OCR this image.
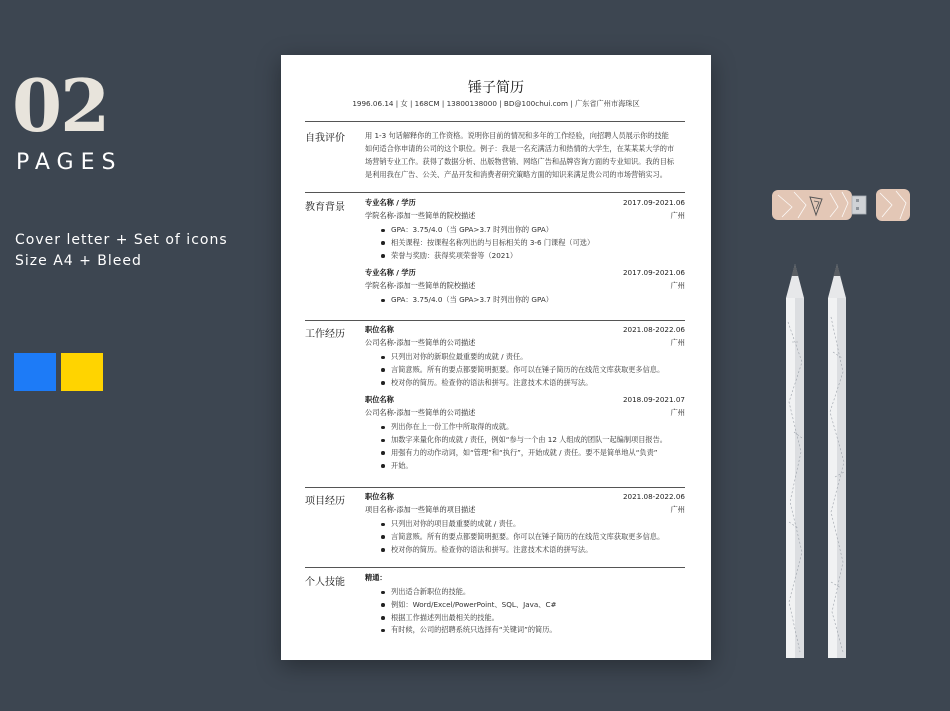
02
PAGES
Cover letter + Set of icons
Size A4 + Bleed
锤子简历
1996.06.14 | 女 | 168CM | 13800138000 | BD@100chui.com | 广东省广州市海珠区
自我评价	用 1-3 句话解释你的工作资格。说明你目前的情况和多年的工作经验，向招聘人员展示你的技能

如何适合你申请的公司的这个职位。例子：我是一名充满活力和热情的大学生，在某某某大学的市

场营销专业工作。获得了数据分析、出版物营销、网络广告和品牌咨询方面的专业知识。我的目标

是利用我在广告、公关、产品开发和消费者研究策略方面的知识来满足贵公司的市场营销实习。

教育背景	专业名称 / 学历	2017.09-2021.06
学院名称-添加一些简单的院校描述	广州
GPA：3.75/4.0（当 GPA>3.7 时列出你的 GPA）
相关课程：按课程名称列出的与目标相关的 3-6 门课程（可选）
荣誉与奖励：获得奖项荣誉等（2021）
专业名称 / 学历	2017.09-2021.06
学院名称-添加一些简单的院校描述	广州
GPA：3.75/4.0（当 GPA>3.7 时列出你的 GPA）
工作经历	职位名称	2021.08-2022.06
公司名称-添加一些简单的公司描述	广州
只列出对你的新职位最重要的成就 / 责任。
言简意赅。所有的要点都要简明扼要。你可以在锤子简历的在线范文库获取更多信息。
校对你的简历。检查你的语法和拼写。注意技术术语的拼写法。
职位名称	2018.09-2021.07
公司名称-添加一些简单的公司描述	广州
列出你在上一份工作中所取得的成就。
加数字来量化你的成就 / 责任，例如“参与一个由 12 人组成的团队一起编制项目报告。
用强有力的动作动词，如“管理”和“执行”，开始成就 / 责任。要不是简单地从“负责”
开始。
项目经历	职位名称	2021.08-2022.06
项目名称-添加一些简单的项目描述	广州
只列出对你的项目最重要的成就 / 责任。
言简意赅。所有的要点都要简明扼要。你可以在锤子简历的在线范文库获取更多信息。
校对你的简历。检查你的语法和拼写。注意技术术语的拼写法。
个人技能	精通：
列出适合新职位的技能。
例如：Word/Excel/PowerPoint、SQL、Java、C#
根据工作描述列出最相关的技能。
有时候，公司的招聘系统只选择有“关键词”的简历。
